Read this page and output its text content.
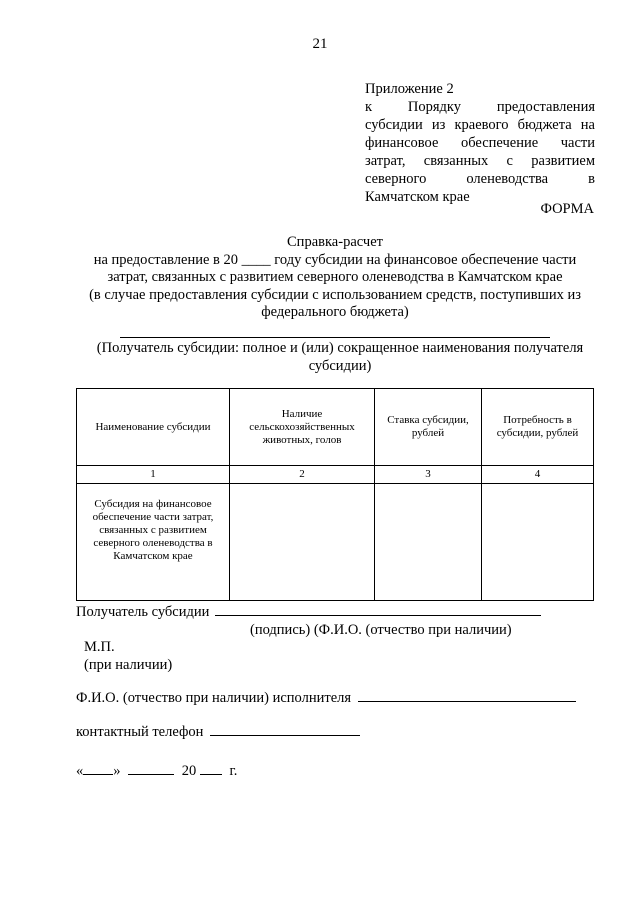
21
Приложение 2
к Порядку предоставления
субсидии из краевого бюджета на
финансовое обеспечение части
затрат, связанных с развитием
северного оленеводства в
Камчатском крае
ФОРМА
Справка-расчет
на предоставление в 20 ____ году субсидии на финансовое обеспечение части
затрат, связанных с развитием северного оленеводства в Камчатском крае
(в случае предоставления субсидии с использованием средств, поступивших из
федерального бюджета)
(Получатель субсидии: полное и (или) сокращенное наименования получателя
субсидии)
Наименование субсидии	Наличие сельскохозяйственных животных, голов	Ставка субсидии, рублей	Потребность в субсидии, рублей
1	2	3	4
Субсидия на финансовое обеспечение части затрат, связанных с развитием северного оленеводства в Камчатском крае			
Получатель субсидии
(подпись) (Ф.И.О. (отчество при наличии)
М.П.
(при наличии)
Ф.И.О. (отчество при наличии) исполнителя
контактный телефон
« »	20 г.
